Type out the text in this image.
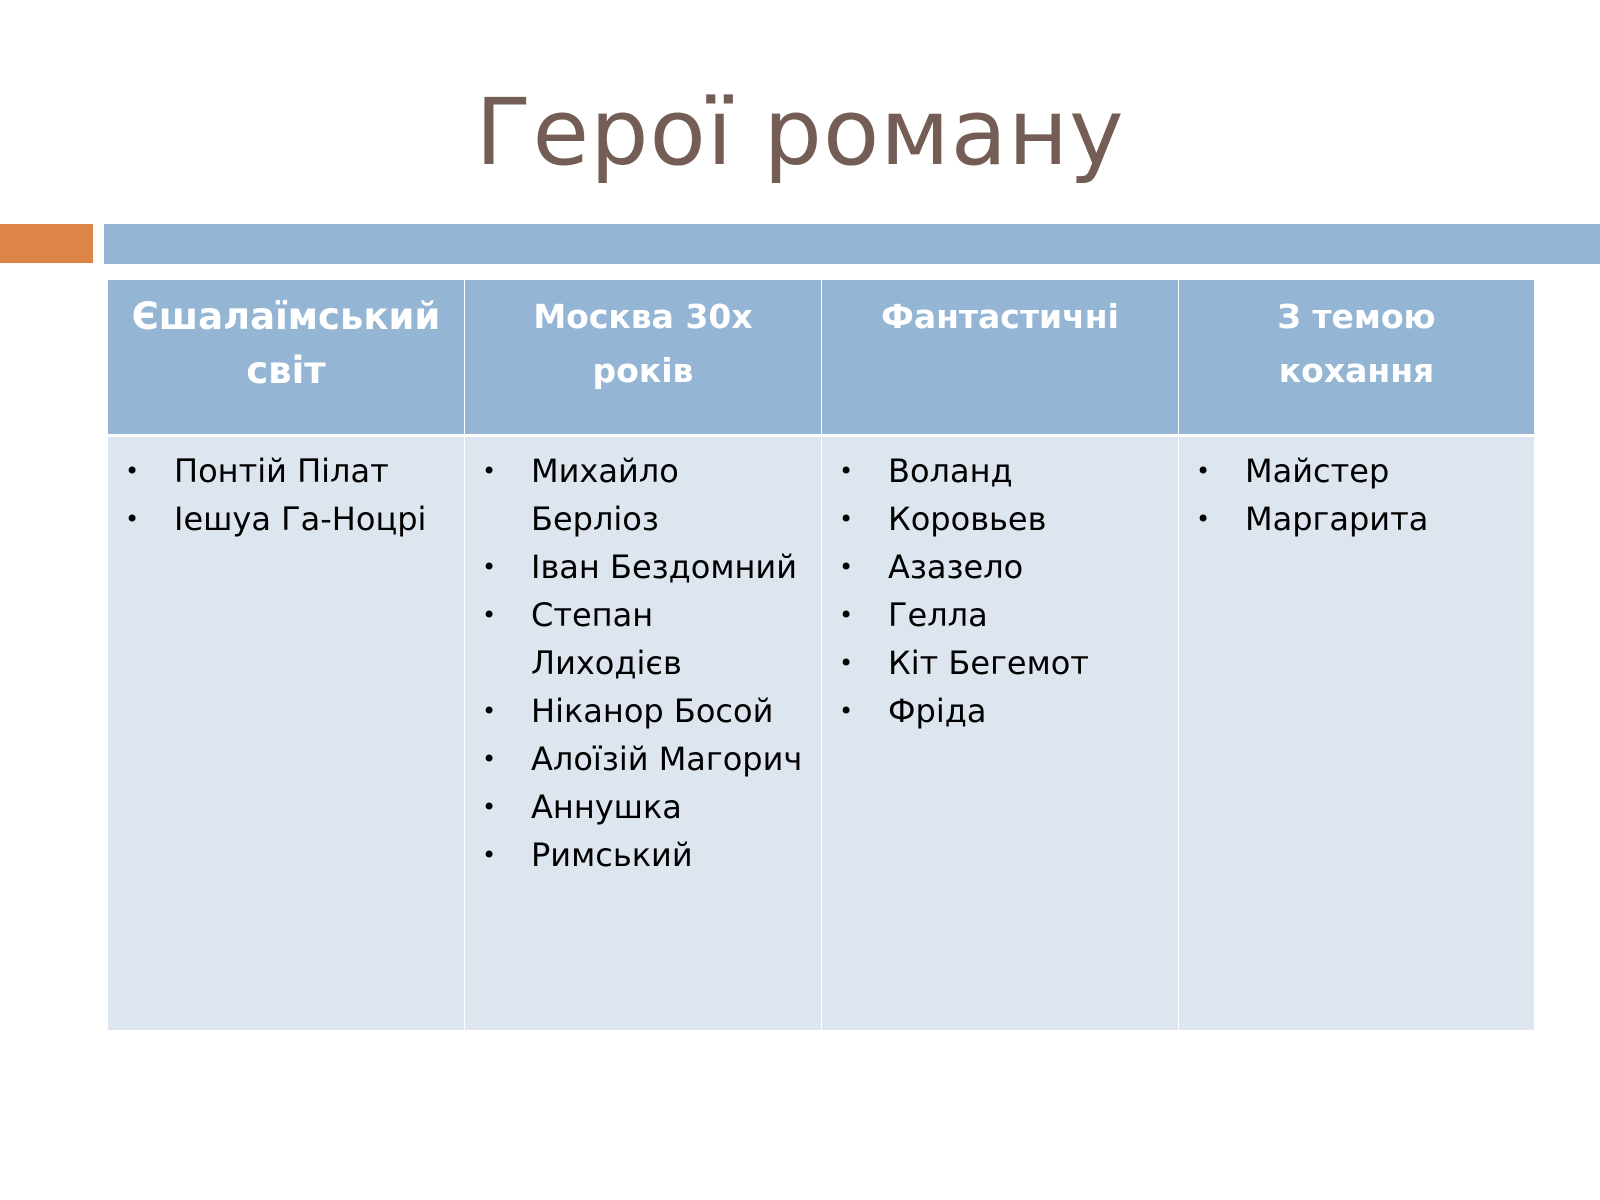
Герої роману
Єшалаїмський світ
Москва 30х років
Фантастичні	З темою кохання
• Понтій Пілат
• Іешуа Га-Ноцрі
• Михайло Берліоз
• Іван Бездомний
• Степан Лиходієв
• Ніканор Босой
• Алоїзій Магорич
• Аннушка
• Римський
• Воланд
• Коровьев
• Азазело
• Гелла
• Кіт Бегемот
• Фріда
• Майстер
• Маргарита
